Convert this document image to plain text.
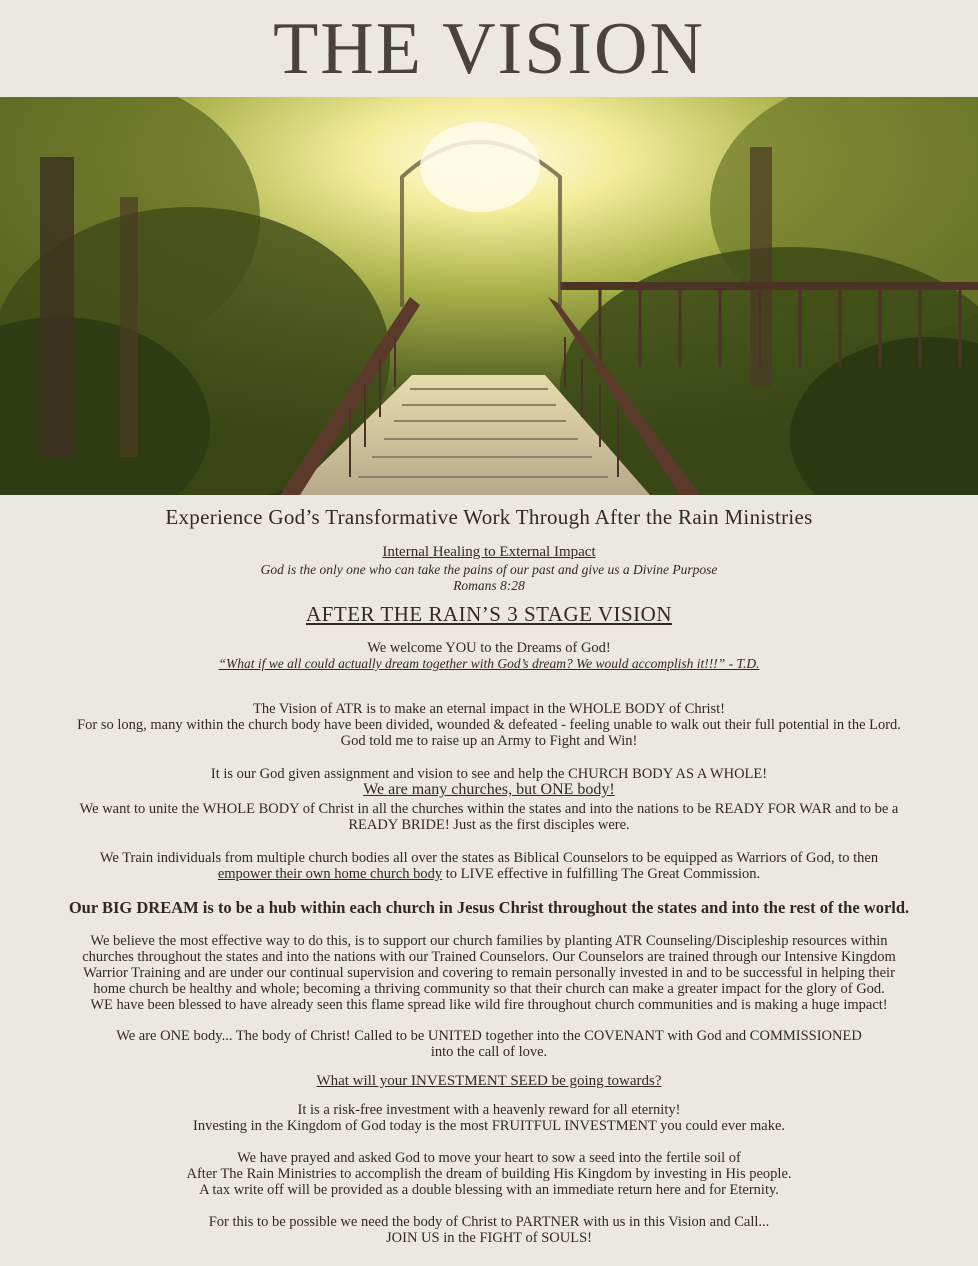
THE VISION
Experience God’s Transformative Work Through After the Rain Ministries
Internal Healing to External Impact
God is the only one who can take the pains of our past and give us a Divine Purpose
Romans 8:28
AFTER THE RAIN’S 3 STAGE VISION
We welcome YOU to the Dreams of God!
“What if we all could actually dream together with God’s dream? We would accomplish it!!!” - T.D.
The Vision of ATR is to make an eternal impact in the WHOLE BODY of Christ!
For so long, many within the church body have been divided, wounded & defeated - feeling unable to walk out their full potential in the Lord.
God told me to raise up an Army to Fight and Win!
It is our God given assignment and vision to see and help the CHURCH BODY AS A WHOLE!
We are many churches, but ONE body!
We want to unite the WHOLE BODY of Christ in all the churches within the states and into the nations to be READY FOR WAR and to be a
READY BRIDE! Just as the first disciples were.
We Train individuals from multiple church bodies all over the states as Biblical Counselors to be equipped as Warriors of God, to then
empower their own home church body to LIVE effective in fulfilling The Great Commission.
Our BIG DREAM is to be a hub within each church in Jesus Christ throughout the states and into the rest of the world.
We believe the most effective way to do this, is to support our church families by planting ATR Counseling/Discipleship resources within
churches throughout the states and into the nations with our Trained Counselors. Our Counselors are trained through our Intensive Kingdom
Warrior Training and are under our continual supervision and covering to remain personally invested in and to be successful in helping their
home church be healthy and whole; becoming a thriving community so that their church can make a greater impact for the glory of God.
WE have been blessed to have already seen this flame spread like wild fire throughout church communities and is making a huge impact!
We are ONE body... The body of Christ! Called to be UNITED together into the COVENANT with God and COMMISSIONED
into the call of love.
What will your INVESTMENT SEED be going towards?
It is a risk-free investment with a heavenly reward for all eternity!
Investing in the Kingdom of God today is the most FRUITFUL INVESTMENT you could ever make.
We have prayed and asked God to move your heart to sow a seed into the fertile soil of
After The Rain Ministries to accomplish the dream of building His Kingdom by investing in His people.
A tax write off will be provided as a double blessing with an immediate return here and for Eternity.
For this to be possible we need the body of Christ to PARTNER with us in this Vision and Call...
JOIN US in the FIGHT of SOULS!
